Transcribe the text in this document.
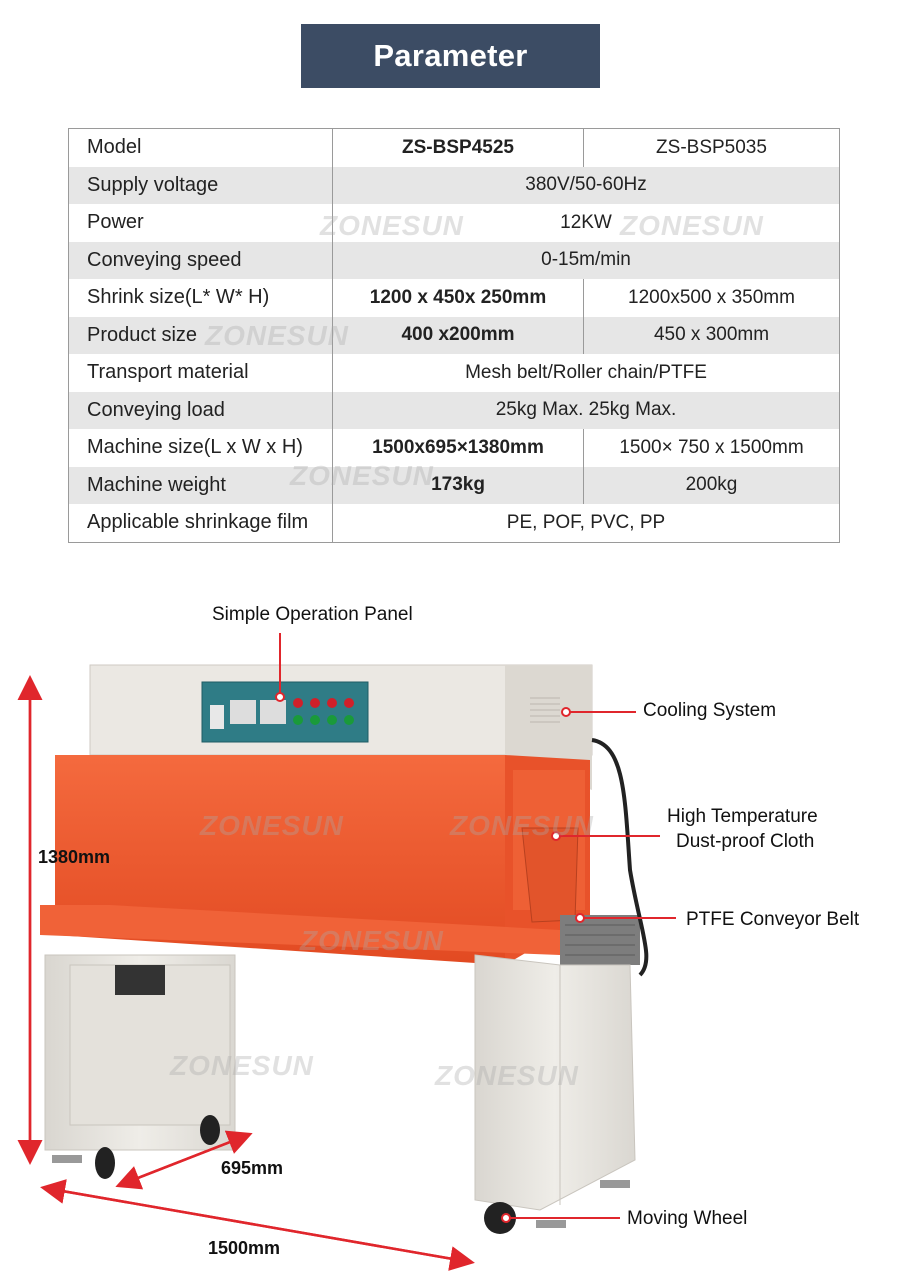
Parameter
Model	ZS-BSP4525	ZS-BSP5035
Supply voltage	380V/50-60Hz
Power	12KW
Conveying speed	0-15m/min
Shrink size(L* W* H)	1200 x 450x 250mm	1200x500 x 350mm
Product size	400 x200mm	450 x 300mm
Transport material	Mesh belt/Roller chain/PTFE
Conveying load	25kg Max. 25kg Max.
Machine size(L x W x H)	1500x695×1380mm	1500× 750 x 1500mm
Machine weight	173kg	200kg
Applicable shrinkage film	PE, POF, PVC, PP
Simple Operation Panel
Cooling System
High Temperature
Dust-proof Cloth
PTFE Conveyor Belt
Moving Wheel
1380mm
695mm
1500mm
ZONESUN
ZONESUN
ZONESUN
ZONESUN
ZONESUN	ZONESUN
ZONESUN
ZONESUN	ZONESUN
